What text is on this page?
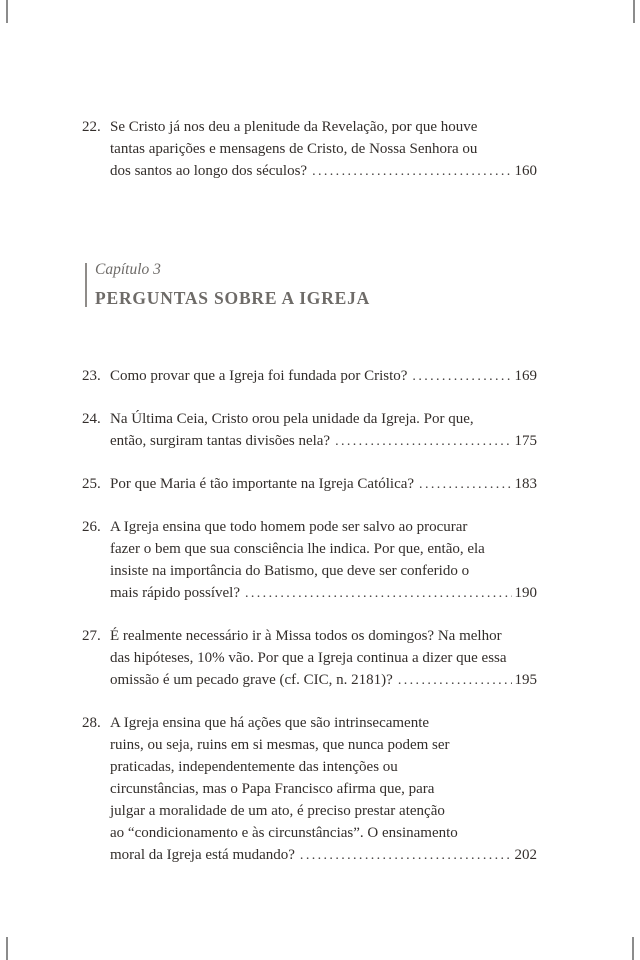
22. Se Cristo já nos deu a plenitude da Revelação, por que houve
tantas aparições e mensagens de Cristo, de Nossa Senhora ou
dos santos ao longo dos séculos? .....	160
Capítulo 3
PERGUNTAS SOBRE A IGREJA
23. Como provar que a Igreja foi fundada por Cristo? .....	169
24. Na Última Ceia, Cristo orou pela unidade da Igreja. Por que,
então, surgiram tantas divisões nela? .....	175
25. Por que Maria é tão importante na Igreja Católica? .....	183
26. A Igreja ensina que todo homem pode ser salvo ao procurar
fazer o bem que sua consciência lhe indica. Por que, então, ela
insiste na importância do Batismo, que deve ser conferido o
mais rápido possível? .....	190
27. É realmente necessário ir à Missa todos os domingos? Na melhor
das hipóteses, 10% vão. Por que a Igreja continua a dizer que essa
omissão é um pecado grave (cf. CIC, n. 2181)? .....	195
28. A Igreja ensina que há ações que são intrinsecamente
ruins, ou seja, ruins em si mesmas, que nunca podem ser
praticadas, independentemente das intenções ou
circunstâncias, mas o Papa Francisco afirma que, para
julgar a moralidade de um ato, é preciso prestar atenção
ao “condicionamento e às circunstâncias”. O ensinamento
moral da Igreja está mudando? .....	202
